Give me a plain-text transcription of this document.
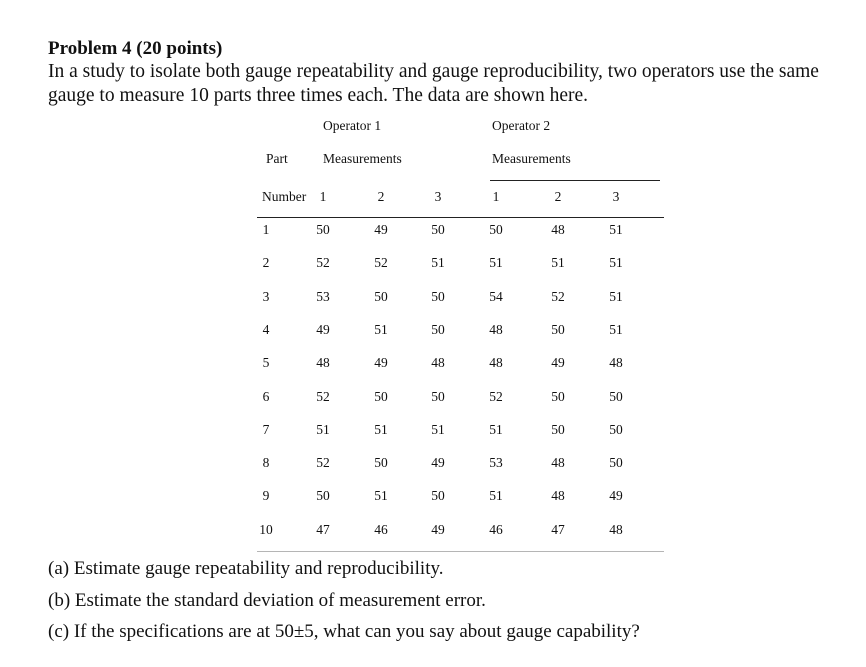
Problem 4 (20 points)
In a study to isolate both gauge repeatability and gauge reproducibility, two operators use the same gauge to measure 10 parts three times each. The data are shown here.
Operator 1	Operator 2
Part	Measurements	Measurements
Number 1	2	3	1	2	3
1	50	49	50	50	48	51
2	52	52	51	51	51	51
3	53	50	50	54	52	51
4	49	51	50	48	50	51
5	48	49	48	48	49	48
6	52	50	50	52	50	50
7	51	51	51	51	50	50
8	52	50	49	53	48	50
9	50	51	50	51	48	49
10	47	46	49	46	47	48
(a) Estimate gauge repeatability and reproducibility.
(b) Estimate the standard deviation of measurement error.
(c) If the specifications are at 50±5, what can you say about gauge capability?
